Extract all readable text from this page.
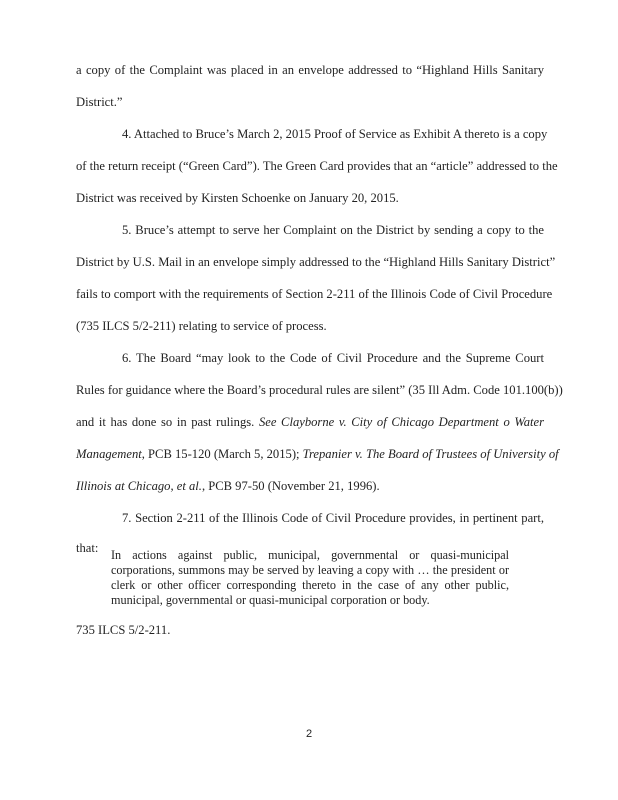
a copy of the Complaint was placed in an envelope addressed to “Highland Hills Sanitary
District.”
4. Attached to Bruce’s March 2, 2015 Proof of Service as Exhibit A thereto is a copy
of the return receipt (“Green Card”). The Green Card provides that an “article” addressed to the
District was received by Kirsten Schoenke on January 20, 2015.
5. Bruce’s attempt to serve her Complaint on the District by sending a copy to the
District by U.S. Mail in an envelope simply addressed to the “Highland Hills Sanitary District”
fails to comport with the requirements of Section 2-211 of the Illinois Code of Civil Procedure
(735 ILCS 5/2-211) relating to service of process.
6. The Board “may look to the Code of Civil Procedure and the Supreme Court
Rules for guidance where the Board’s procedural rules are silent” (35 Ill Adm. Code 101.100(b))
and it has done so in past rulings. See Clayborne v. City of Chicago Department o Water
Management, PCB 15-120 (March 5, 2015); Trepanier v. The Board of Trustees of University of
Illinois at Chicago, et al., PCB 97-50 (November 21, 1996).
7. Section 2-211 of the Illinois Code of Civil Procedure provides, in pertinent part,
that: In actions against public, municipal, governmental or quasi-municipal
corporations, summons may be served by leaving a copy with … the president or
clerk or other officer corresponding thereto in the case of any other public,
municipal, governmental or quasi-municipal corporation or body.
735 ILCS 5/2-211.
2
